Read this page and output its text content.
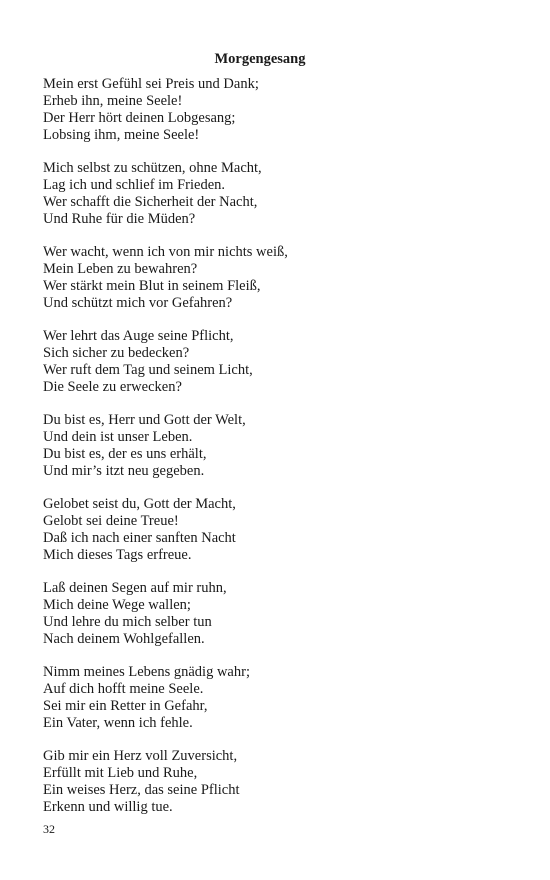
Morgengesang
Mein erst Gefühl sei Preis und Dank;
Erheb ihn, meine Seele!
Der Herr hört deinen Lobgesang;
Lobsing ihm, meine Seele!
Mich selbst zu schützen, ohne Macht,
Lag ich und schlief im Frieden.
Wer schafft die Sicherheit der Nacht,
Und Ruhe für die Müden?
Wer wacht, wenn ich von mir nichts weiß,
Mein Leben zu bewahren?
Wer stärkt mein Blut in seinem Fleiß,
Und schützt mich vor Gefahren?
Wer lehrt das Auge seine Pflicht,
Sich sicher zu bedecken?
Wer ruft dem Tag und seinem Licht,
Die Seele zu erwecken?
Du bist es, Herr und Gott der Welt,
Und dein ist unser Leben.
Du bist es, der es uns erhält,
Und mir’s itzt neu gegeben.
Gelobet seist du, Gott der Macht,
Gelobt sei deine Treue!
Daß ich nach einer sanften Nacht
Mich dieses Tags erfreue.
Laß deinen Segen auf mir ruhn,
Mich deine Wege wallen;
Und lehre du mich selber tun
Nach deinem Wohlgefallen.
Nimm meines Lebens gnädig wahr;
Auf dich hofft meine Seele.
Sei mir ein Retter in Gefahr,
Ein Vater, wenn ich fehle.
Gib mir ein Herz voll Zuversicht,
Erfüllt mit Lieb und Ruhe,
Ein weises Herz, das seine Pflicht
Erkenn und willig tue.
32
